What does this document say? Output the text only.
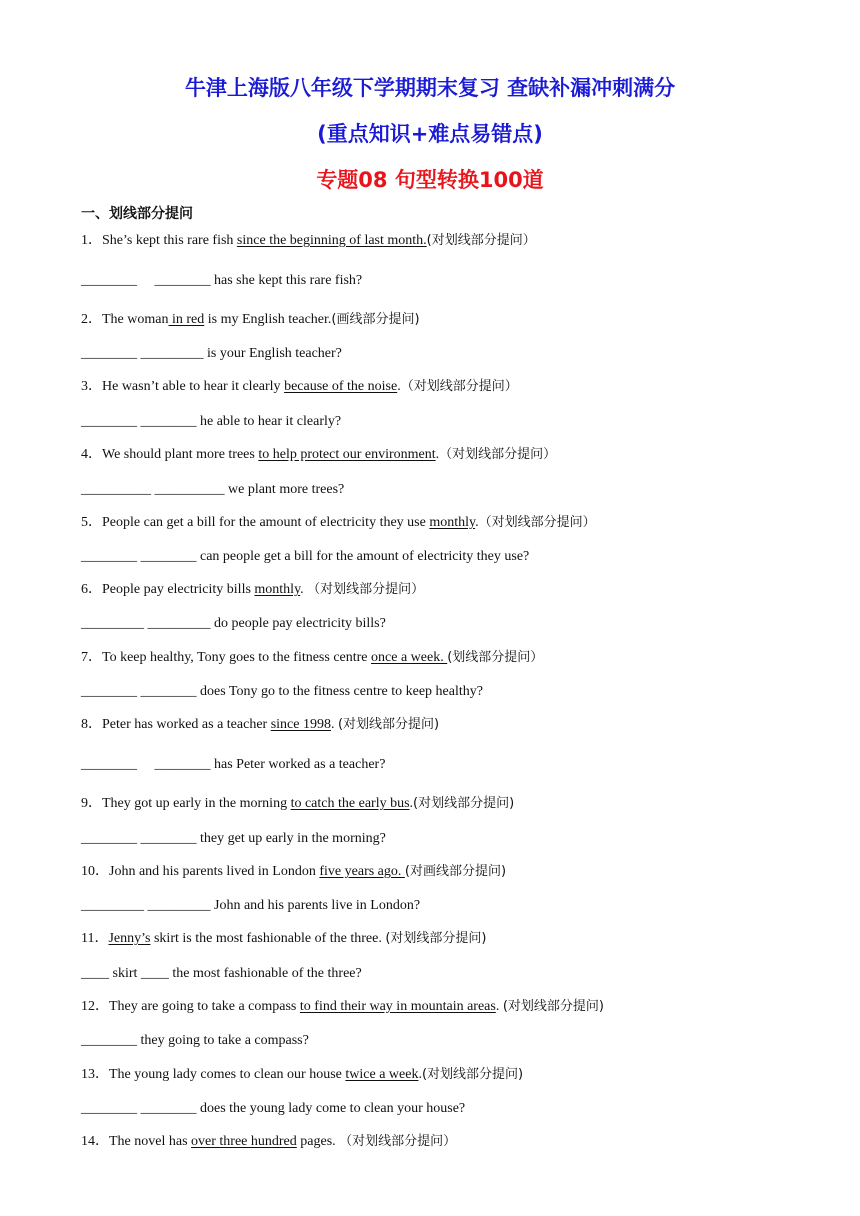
牛津上海版八年级下学期期末复习 查缺补漏冲刺满分
(重点知识+难点易错点)
专题08 句型转换100道
一、划线部分提问
1．She’s kept this rare fish since the beginning of last month.(对划线部分提问）
________     ________ has she kept this rare fish?
2．The woman in red is my English teacher.(画线部分提问)
________ _________ is your English teacher?
3．He wasn’t able to hear it clearly because of the noise.（对划线部分提问）
________ ________ he able to hear it clearly?
4．We should plant more trees to help protect our environment.（对划线部分提问）
__________ __________ we plant more trees?
5．People can get a bill for the amount of electricity they use monthly.（对划线部分提问）
________ ________ can people get a bill for the amount of electricity they use?
6．People pay electricity bills monthly. （对划线部分提问）
_________ _________ do people pay electricity bills?
7．To keep healthy, Tony goes to the fitness centre once a week. (划线部分提问）
________ ________ does Tony go to the fitness centre to keep healthy?
8．Peter has worked as a teacher since 1998. (对划线部分提问)
________     ________ has Peter worked as a teacher?
9．They got up early in the morning to catch the early bus.(对划线部分提问)
________ ________ they get up early in the morning?
10．John and his parents lived in London five years ago. (对画线部分提问)
_________ _________ John and his parents live in London?
11．Jenny’s skirt is the most fashionable of the three. (对划线部分提问)
____ skirt ____ the most fashionable of the three?
12．They are going to take a compass to find their way in mountain areas. (对划线部分提问)
________ they going to take a compass?
13．The young lady comes to clean our house twice a week.(对划线部分提问)
________ ________ does the young lady come to clean your house?
14．The novel has over three hundred pages. （对划线部分提问）
